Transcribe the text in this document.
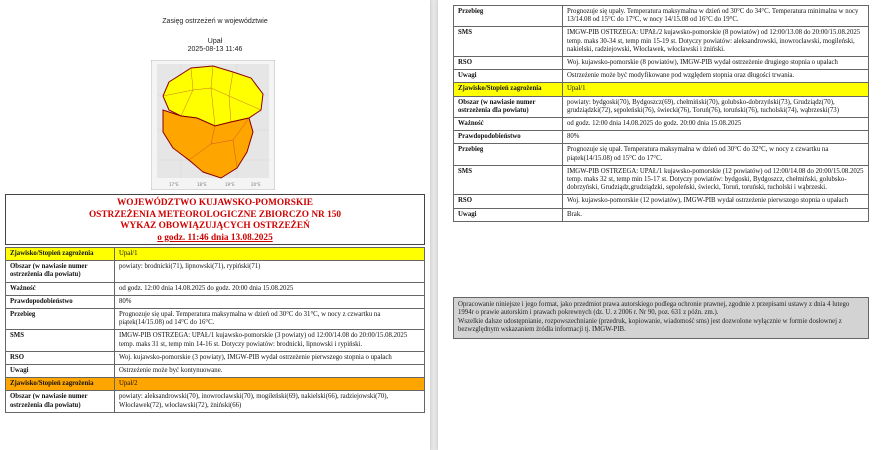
Zasięg ostrzeżeń w województwie
Upał
2025-08-13 11:46
17°E	18°E	19°E	20°E
WOJEWÓDZTWO KUJAWSKO-POMORSKIE
OSTRZEŻENIA METEOROLOGICZNE ZBIORCZO NR 150
WYKAZ OBOWIĄZUJĄCYCH OSTRZEŻEŃ
o godz. 11:46 dnia 13.08.2025
Zjawisko/Stopień zagrożenia	Upał/1
Obszar (w nawiasie numer ostrzeżenia dla powiatu)	powiaty: brodnicki(71), lipnowski(71), rypiński(71)
Ważność	od godz. 12:00 dnia 14.08.2025 do godz. 20:00 dnia 15.08.2025
Prawdopodobieństwo	80%
Przebieg	Prognozuje się upał. Temperatura maksymalna w dzień od 30°C do 31°C, w nocy z czwartku na piątek(14/15.08) od 14°C do 16°C.
SMS	IMGW-PIB OSTRZEGA: UPAŁ/1 kujawsko-pomorskie (3 powiaty) od 12:00/14.08 do 20:00/15.08.2025 temp. maks 31 st, temp min 14-16 st. Dotyczy powiatów: brodnicki, lipnowski i rypiński.
RSO	Woj. kujawsko-pomorskie (3 powiaty), IMGW-PIB wydał ostrzeżenie pierwszego stopnia o upałach
Uwagi	Ostrzeżenie może być kontynuowane.
Zjawisko/Stopień zagrożenia	Upał/2
Obszar (w nawiasie numer ostrzeżenia dla powiatu)	powiaty: aleksandrowski(70), inowrocławski(70), mogileński(69), nakielski(66), radziejowski(70), Włocławek(72), włocławski(72), żniński(66)
Przebieg	Prognozuje się upały. Temperatura maksymalna w dzień od 30°C do 34°C. Temperatura minimalna w nocy 13/14.08 od 15°C do 17°C, w nocy 14/15.08 od 16°C do 19°C.
SMS	IMGW-PIB OSTRZEGA: UPAŁ/2 kujawsko-pomorskie (8 powiatów) od 12:00/13.08 do 20:00/15.08.2025 temp. maks 30-34 st, temp min 15-19 st. Dotyczy powiatów: aleksandrowski, inowrocławski, mogileński, nakielski, radziejowski, Włocławek, włocławski i żniński.
RSO	Woj. kujawsko-pomorskie (8 powiatów), IMGW-PIB wydał ostrzeżenie drugiego stopnia o upałach
Uwagi	Ostrzeżenie może być modyfikowane pod względem stopnia oraz długości trwania.
Zjawisko/Stopień zagrożenia	Upał/1
Obszar (w nawiasie numer ostrzeżenia dla powiatu)	powiaty: bydgoski(70), Bydgoszcz(69), chełmiński(70), golubsko-dobrzyński(73), Grudziądz(70), grudziądzki(72), sępoleński(76), świecki(76), Toruń(76), toruński(76), tucholski(74), wąbrzeski(73)
Ważność	od godz. 12:00 dnia 14.08.2025 do godz. 20:00 dnia 15.08.2025
Prawdopodobieństwo	80%
Przebieg	Prognozuje się upał. Temperatura maksymalna w dzień od 30°C do 32°C, w nocy z czwartku na piątek(14/15.08) od 15°C do 17°C.
SMS	IMGW-PIB OSTRZEGA: UPAŁ/1 kujawsko-pomorskie (12 powiatów) od 12:00/14.08 do 20:00/15.08.2025 temp. maks 32 st, temp min 15-17 st. Dotyczy powiatów: bydgoski, Bydgoszcz, chełmiński, golubsko-dobrzyński, Grudziądz,grudziądzki, sępoleński, świecki, Toruń, toruński, tucholski i wąbrzeski.
RSO	Woj. kujawsko-pomorskie (12 powiatów), IMGW-PIB wydał ostrzeżenie pierwszego stopnia o upałach
Uwagi	Brak.

Opracowanie niniejsze i jego format, jako przedmiot prawa autorskiego podlega ochronie prawnej, zgodnie z przepisami ustawy z dnia 4 lutego 1994r o prawie autorskim i prawach pokrewnych (dz. U. z 2006 r. Nr 90, poz. 631 z późn. zm.).

Wszelkie dalsze udostępnianie, rozpowszechnianie (przedruk, kopiowanie, wiadomość sms) jest dozwolone wyłącznie w formie dosłownej z bezwzględnym wskazaniem źródła informacji tj. IMGW-PIB.
